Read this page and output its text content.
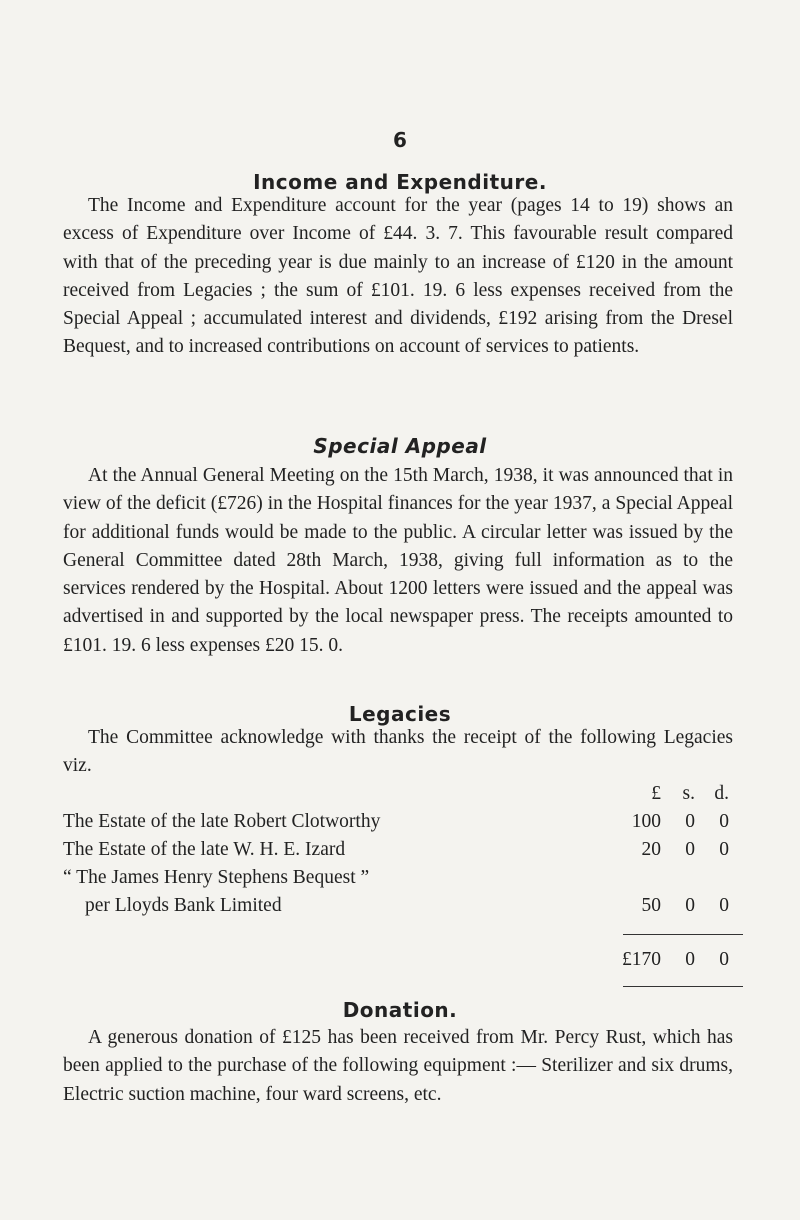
6
Income and Expenditure.

The Income and Expenditure account for the year (pages 14 to 19) shows an excess of Expenditure over Income of £44. 3. 7. This favourable result compared with that of the preceding year is due mainly to an increase of £120 in the amount received from Legacies ; the sum of £101. 19. 6 less expenses received from the Special Appeal ; accumulated interest and dividends, £192 arising from the Dresel Bequest, and to increased contributions on account of services to patients.

Special Appeal

At the Annual General Meeting on the 15th March, 1938, it was announced that in view of the deficit (£726) in the Hospital finances for the year 1937, a Special Appeal for additional funds would be made to the public. A circular letter was issued by the General Committee dated 28th March, 1938, giving full information as to the services rendered by the Hospital. About 1200 letters were issued and the appeal was advertised in and supported by the local newspaper press. The receipts amounted to £101. 19. 6 less expenses £20 15. 0.

Legacies

The Committee acknowledge with thanks the receipt of the following Legacies viz.

£ s. d.
The Estate of the late Robert Clotworthy	100 0 0
The Estate of the late W. H. E. Izard	20 0 0
“ The James Henry Stephens Bequest ”
per Lloyds Bank Limited	50 0 0
£170 0 0
Donation.

A generous donation of £125 has been received from Mr. Percy Rust, which has been applied to the purchase of the following equipment :— Sterilizer and six drums, Electric suction machine, four ward screens, etc.
